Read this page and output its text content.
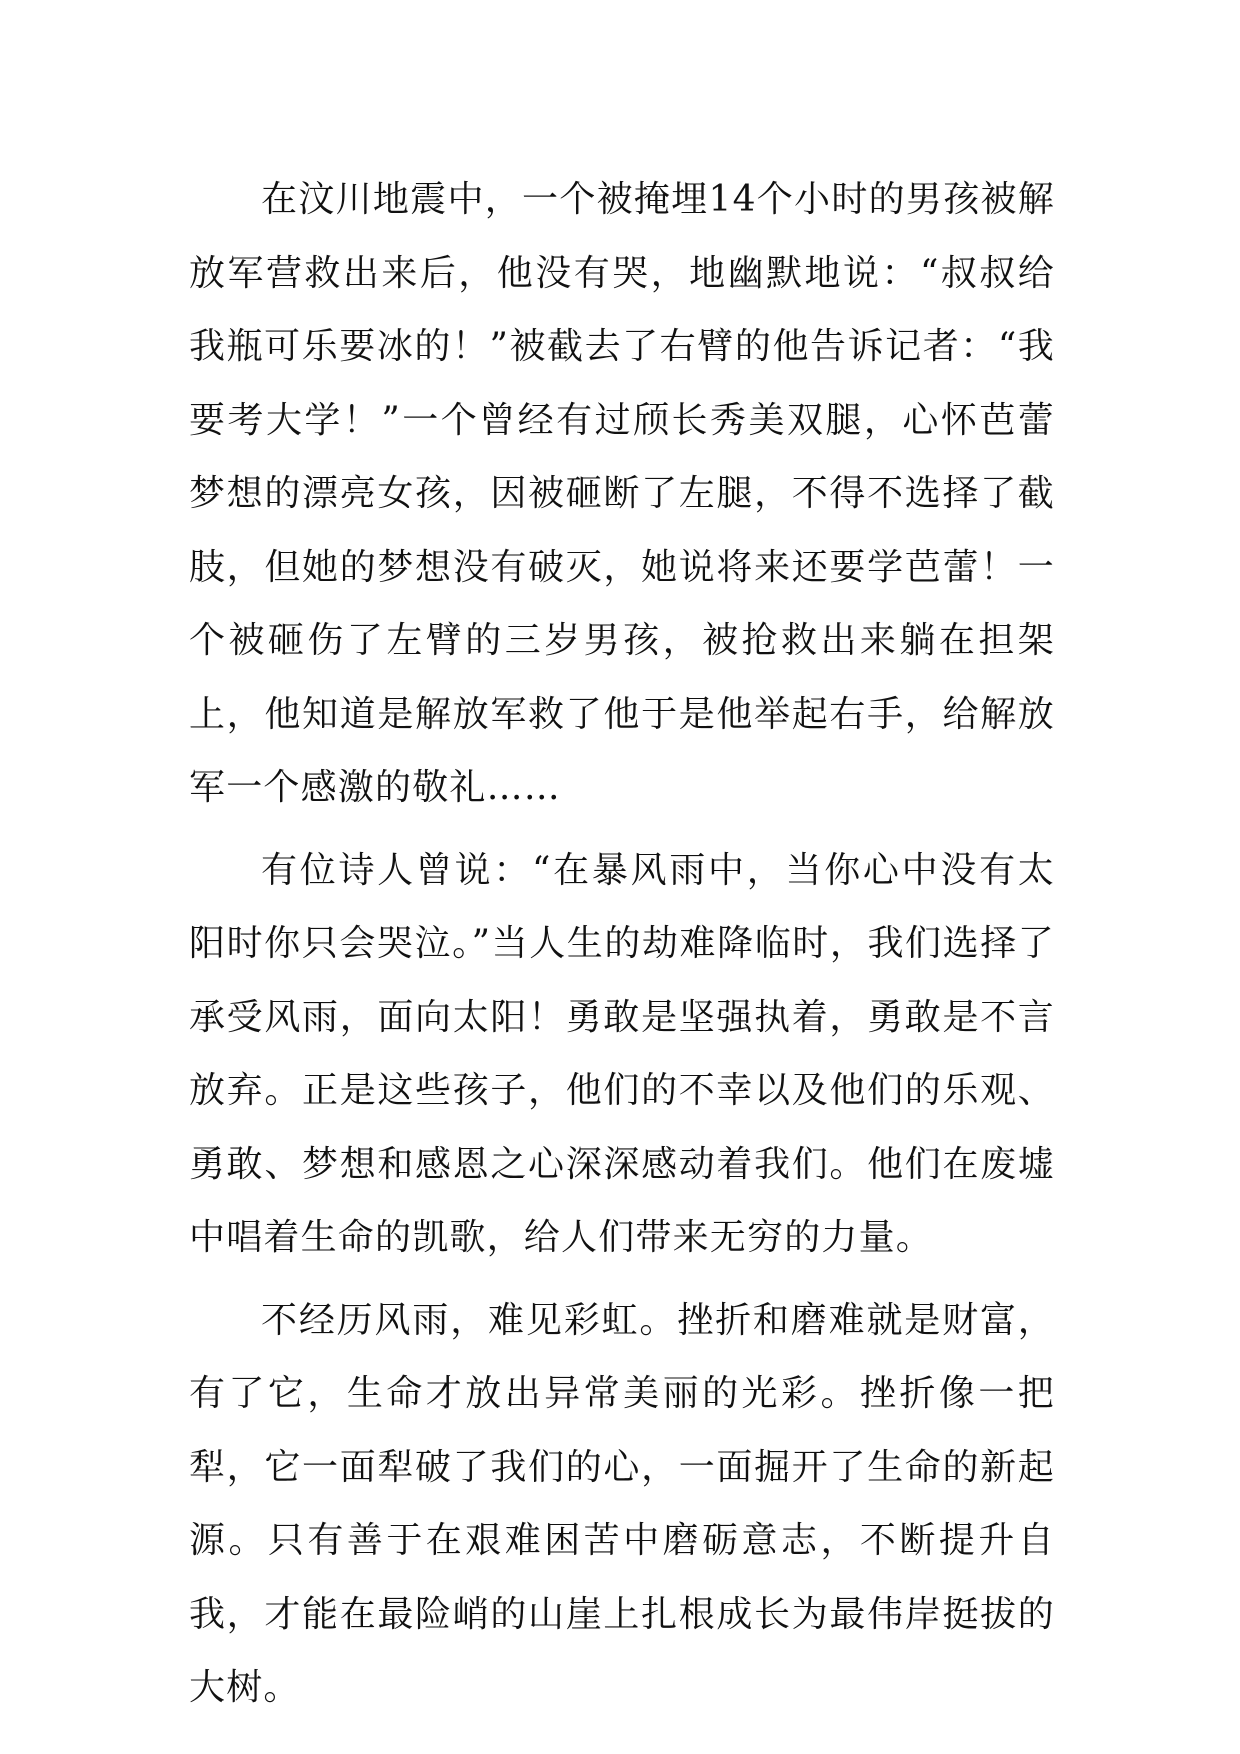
在汶川地震中，一个被掩埋14个小时的男孩被解放军营救出来后，他没有哭，地幽默地说：“叔叔给我瓶可乐要冰的！”被截去了右臂的他告诉记者：“我要考大学！”一个曾经有过颀长秀美双腿，心怀芭蕾梦想的漂亮女孩，因被砸断了左腿，不得不选择了截肢，但她的梦想没有破灭，她说将来还要学芭蕾！一个被砸伤了左臂的三岁男孩，被抢救出来躺在担架上，他知道是解放军救了他于是他举起右手，给解放军一个感激的敬礼……

有位诗人曾说：“在暴风雨中，当你心中没有太阳时你只会哭泣。”当人生的劫难降临时，我们选择了承受风雨，面向太阳！勇敢是坚强执着，勇敢是不言放弃。正是这些孩子，他们的不幸以及他们的乐观、勇敢、梦想和感恩之心深深感动着我们。他们在废墟中唱着生命的凯歌，给人们带来无穷的力量。

不经历风雨，难见彩虹。挫折和磨难就是财富，有了它，生命才放出异常美丽的光彩。挫折像一把犁，它一面犁破了我们的心，一面掘开了生命的新起源。只有善于在艰难困苦中磨砺意志，不断提升自我，才能在最险峭的山崖上扎根成长为最伟岸挺拔的大树。
